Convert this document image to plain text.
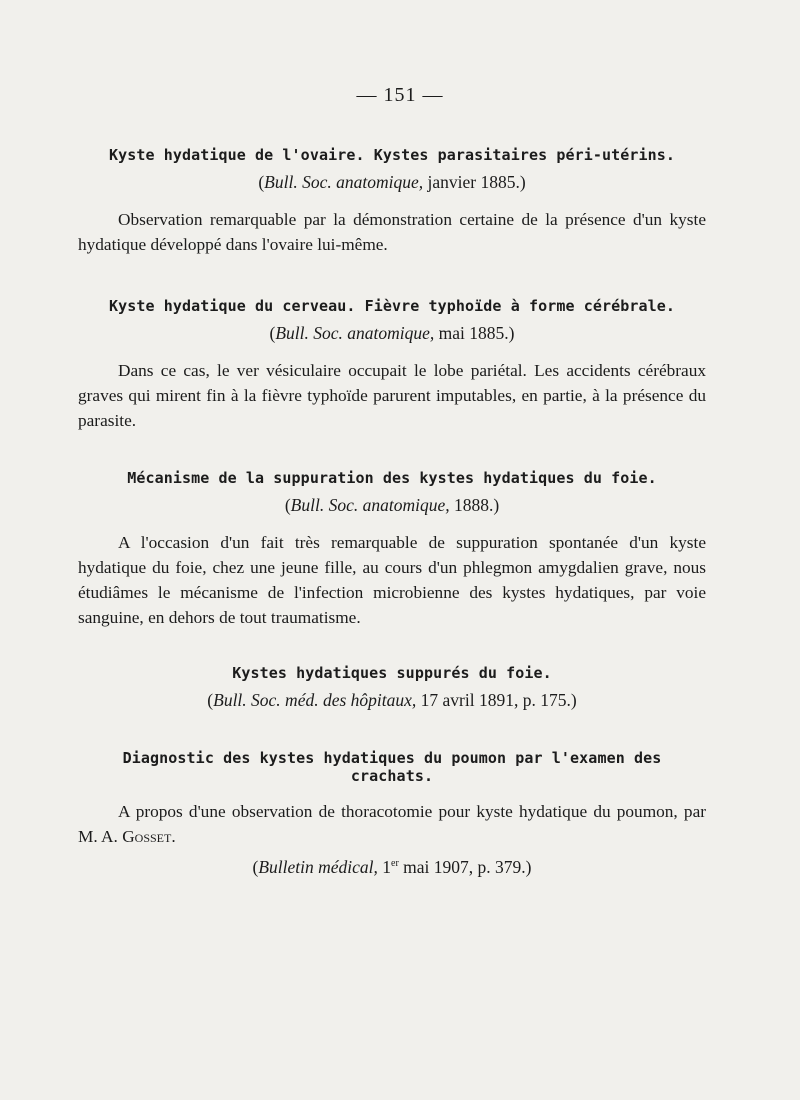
— 151 —

Kyste hydatique de l'ovaire. Kystes parasitaires péri-utérins.

(Bull. Soc. anatomique, janvier 1885.)
Observation remarquable par la démonstration certaine de la présence d'un kyste hydatique développé dans l'ovaire lui-même.

Kyste hydatique du cerveau. Fièvre typhoïde à forme cérébrale.

(Bull. Soc. anatomique, mai 1885.)
Dans ce cas, le ver vésiculaire occupait le lobe pariétal. Les accidents cérébraux graves qui mirent fin à la fièvre typhoïde parurent imputables, en partie, à la présence du parasite.

Mécanisme de la suppuration des kystes hydatiques du foie.

(Bull. Soc. anatomique, 1888.)
A l'occasion d'un fait très remarquable de suppuration spontanée d'un kyste hydatique du foie, chez une jeune fille, au cours d'un phlegmon amygdalien grave, nous étudiâmes le mécanisme de l'infection microbienne des kystes hydatiques, par voie sanguine, en dehors de tout traumatisme.

Kystes hydatiques suppurés du foie.

(Bull. Soc. méd. des hôpitaux, 17 avril 1891, p. 175.)

Diagnostic des kystes hydatiques du poumon par l'examen des crachats.

A propos d'une observation de thoracotomie pour kyste hydatique du poumon, par M. A. Gosset.
(Bulletin médical, 1er mai 1907, p. 379.)
